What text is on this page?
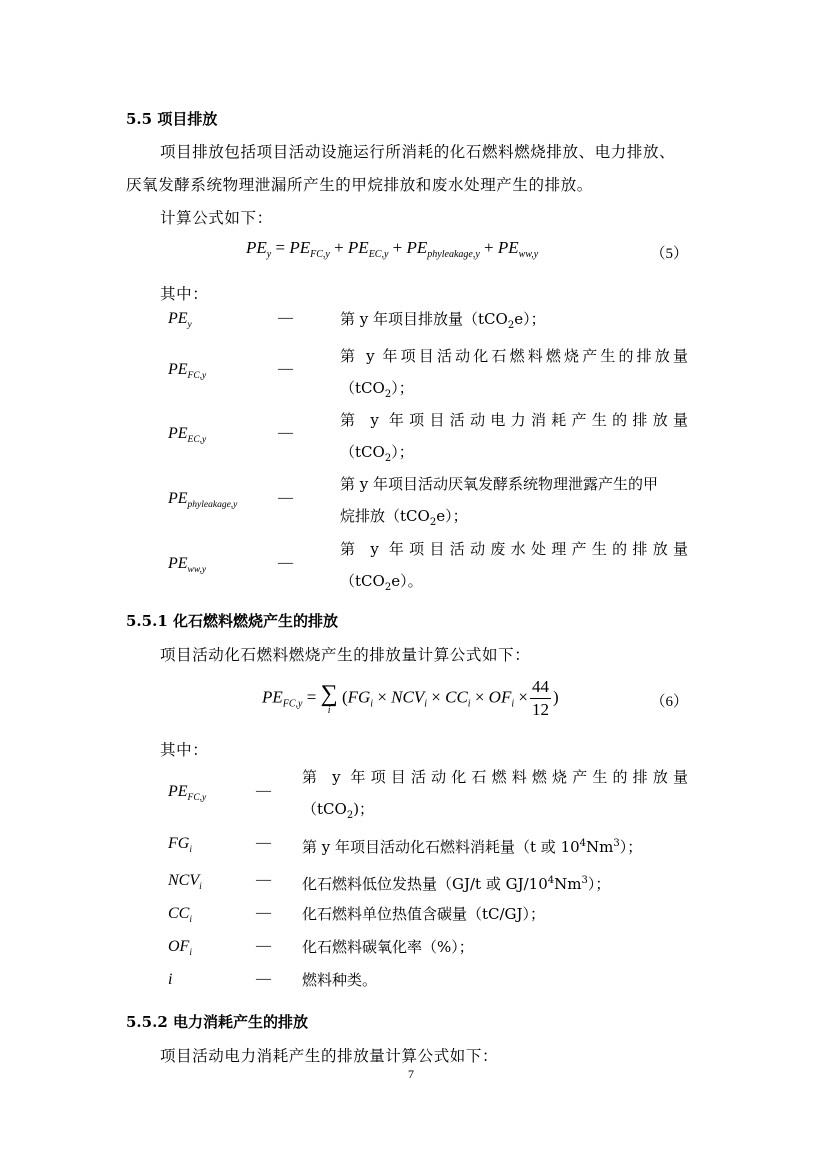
5.5 项目排放
项目排放包括项目活动设施运行所消耗的化石燃料燃烧排放、电力排放、
厌氧发酵系统物理泄漏所产生的甲烷排放和废水处理产生的排放。
计算公式如下：
$PE_y = PE_{FC,y} + PE_{EC,y} + PE_{phyleakage,y} + PE_{ww,y}$	（5）
其中：
$PE_y$	—	第 y 年项目排放量（tCO$_2$e）；
$PE_{FC,y}$	—
第 y 年项目活动化石燃料燃烧产生的排放量
（tCO$_2$）；
$PE_{EC,y}$	—
第 y 年项目活动电力消耗产生的排放量
（tCO$_2$）；
$PE_{phyleakage,y}$	—
第 y 年项目活动厌氧发酵系统物理泄露产生的甲
烷排放（tCO$_2$e）；
$PE_{ww,y}$	—
第 y 年项目活动废水处理产生的排放量
（tCO$_2$e）。
5.5.1 化石燃料燃烧产生的排放
项目活动化石燃料燃烧产生的排放量计算公式如下：
$PE_{FC,y}$ = ∑
i
($FG_i \times NCV_i \times CC_i \times OF_i \times \frac{44}{12}$ )	（6）
其中：
$PE_{FC,y}$	—
第 y 年项目活动化石燃料燃烧产生的排放量
（tCO$_2$)；
$FG_i$	— 第 y 年项目活动化石燃料消耗量（t 或 $10^4Nm^3$）；
$NCV_i$	— 化石燃料低位发热量（GJ/t 或 $GJ/10^4Nm^3$）；
$CC_i$	— 化石燃料单位热值含碳量（tC/GJ）；
$OF_i$	— 化石燃料碳氧化率（%）；
i	— 燃料种类。
5.5.2 电力消耗产生的排放
项目活动电力消耗产生的排放量计算公式如下：
7
